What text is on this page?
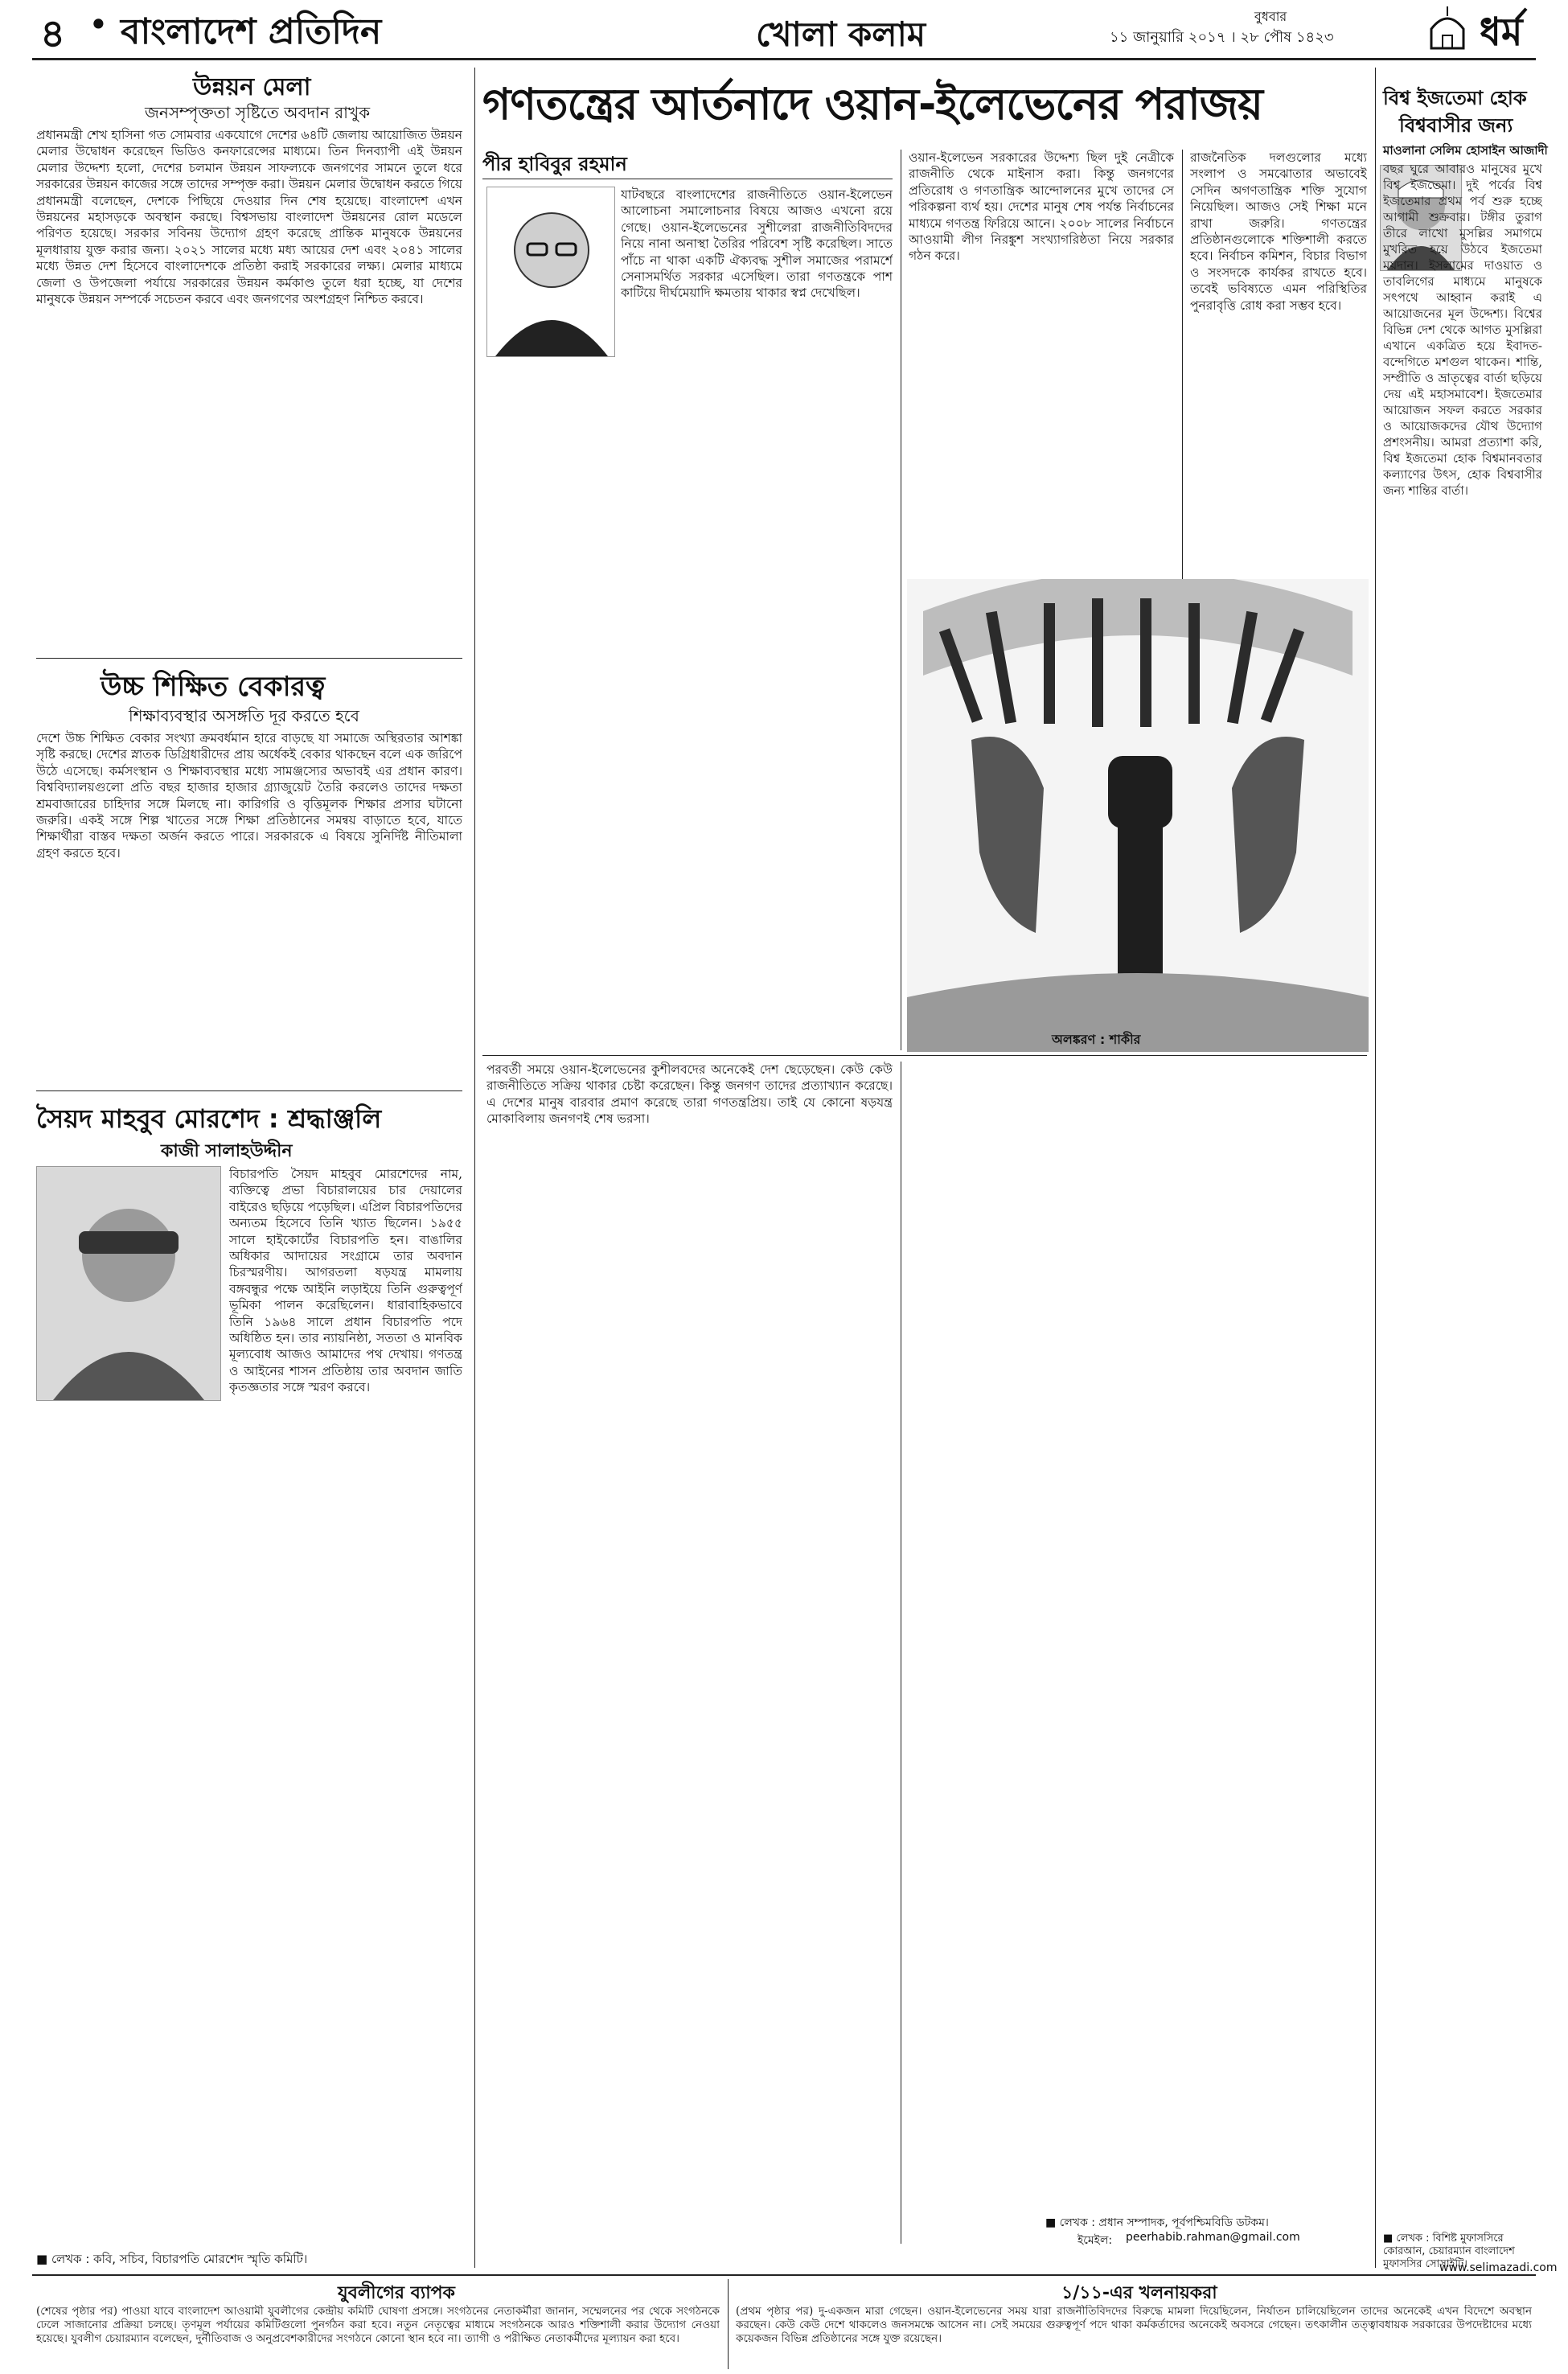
৪ • বাংলাদেশ প্রতিদিন	খোলা কলাম	বুধবার
১১ জানুয়ারি ২০১৭ । ২৮ পৌষ ১৪২৩	ধর্ম
উন্নয়ন মেলা
জনসম্পৃক্ততা সৃষ্টিতে অবদান রাখুক
প্রধানমন্ত্রী শেখ হাসিনা গত সোমবার একযোগে দেশের ৬৪টি জেলায় আয়োজিত উন্নয়ন মেলার উদ্বোধন করেছেন ভিডিও কনফারেন্সের মাধ্যমে। তিন দিনব্যাপী এই উন্নয়ন মেলার উদ্দেশ্য হলো, দেশের চলমান উন্নয়ন সাফল্যকে জনগণের সামনে তুলে ধরে সরকারের উন্নয়ন কাজের সঙ্গে তাদের সম্পৃক্ত করা। উন্নয়ন মেলার উদ্বোধন করতে গিয়ে প্রধানমন্ত্রী বলেছেন, দেশকে পিছিয়ে দেওয়ার দিন শেষ হয়েছে। বাংলাদেশ এখন উন্নয়নের মহাসড়কে অবস্থান করছে। বিশ্বসভায় বাংলাদেশ উন্নয়নের রোল মডেলে পরিণত হয়েছে। সরকার সবিনয় উদ্যোগ গ্রহণ করেছে প্রান্তিক মানুষকে উন্নয়নের মূলধারায় যুক্ত করার জন্য। ২০২১ সালের মধ্যে মধ্য আয়ের দেশ এবং ২০৪১ সালের মধ্যে উন্নত দেশ হিসেবে বাংলাদেশকে প্রতিষ্ঠা করাই সরকারের লক্ষ্য। মেলার মাধ্যমে জেলা ও উপজেলা পর্যায়ে সরকারের উন্নয়ন কর্মকাণ্ড তুলে ধরা হচ্ছে, যা দেশের মানুষকে উন্নয়ন সম্পর্কে সচেতন করবে এবং জনগণের অংশগ্রহণ নিশ্চিত করবে।
উচ্চ শিক্ষিত বেকারত্ব
শিক্ষাব্যবস্থার অসঙ্গতি দূর করতে হবে
দেশে উচ্চ শিক্ষিত বেকার সংখ্যা ক্রমবর্ধমান হারে বাড়ছে যা সমাজে অস্থিরতার আশঙ্কা সৃষ্টি করছে। দেশের স্নাতক ডিগ্রিধারীদের প্রায় অর্ধেকই বেকার থাকছেন বলে এক জরিপে উঠে এসেছে। কর্মসংস্থান ও শিক্ষাব্যবস্থার মধ্যে সামঞ্জস্যের অভাবই এর প্রধান কারণ। বিশ্ববিদ্যালয়গুলো প্রতি বছর হাজার হাজার গ্র্যাজুয়েট তৈরি করলেও তাদের দক্ষতা শ্রমবাজারের চাহিদার সঙ্গে মিলছে না। কারিগরি ও বৃত্তিমূলক শিক্ষার প্রসার ঘটানো জরুরি। একই সঙ্গে শিল্প খাতের সঙ্গে শিক্ষা প্রতিষ্ঠানের সমন্বয় বাড়াতে হবে, যাতে শিক্ষার্থীরা বাস্তব দক্ষতা অর্জন করতে পারে। সরকারকে এ বিষয়ে সুনির্দিষ্ট নীতিমালা গ্রহণ করতে হবে।
সৈয়দ মাহবুব মোরশেদ : শ্রদ্ধাঞ্জলি
কাজী সালাহউদ্দীন
বিচারপতি সৈয়দ মাহবুব মোরশেদের নাম, ব্যক্তিত্বে প্রভা বিচারালয়ের চার দেয়ালের বাইরেও ছড়িয়ে পড়েছিল। এপ্রিল বিচারপতিদের অন্যতম হিসেবে তিনি খ্যাত ছিলেন। ১৯৫৫ সালে হাইকোর্টের বিচারপতি হন। বাঙালির অধিকার আদায়ের সংগ্রামে তার অবদান চিরস্মরণীয়। আগরতলা ষড়যন্ত্র মামলায় বঙ্গবন্ধুর পক্ষে আইনি লড়াইয়ে তিনি গুরুত্বপূর্ণ ভূমিকা পালন করেছিলেন। ধারাবাহিকভাবে তিনি ১৯৬৪ সালে প্রধান বিচারপতি পদে অধিষ্ঠিত হন। তার ন্যায়নিষ্ঠা, সততা ও মানবিক মূল্যবোধ আজও আমাদের পথ দেখায়। গণতন্ত্র ও আইনের শাসন প্রতিষ্ঠায় তার অবদান জাতি কৃতজ্ঞতার সঙ্গে স্মরণ করবে।
■ লেখক : কবি, সচিব, বিচারপতি মোরশেদ স্মৃতি কমিটি।
গণতন্ত্রের আর্তনাদে ওয়ান-ইলেভেনের পরাজয়
পীর হাবিবুর রহমান
যাটবছরে বাংলাদেশের রাজনীতিতে ওয়ান-ইলেভেন আলোচনা সমালোচনার বিষয়ে আজও এখনো রয়ে গেছে। ওয়ান-ইলেভেনের সুশীলেরা রাজনীতিবিদদের নিয়ে নানা অনাস্থা তৈরির পরিবেশ সৃষ্টি করেছিল। সাতে পাঁচে না থাকা একটি ঐক্যবদ্ধ সুশীল সমাজের পরামর্শে সেনাসমর্থিত সরকার এসেছিল। তারা গণতন্ত্রকে পাশ কাটিয়ে দীর্ঘমেয়াদি ক্ষমতায় থাকার স্বপ্ন দেখেছিল।
ওয়ান-ইলেভেন সরকারের উদ্দেশ্য ছিল দুই নেত্রীকে রাজনীতি থেকে মাইনাস করা। কিন্তু জনগণের প্রতিরোধ ও গণতান্ত্রিক আন্দোলনের মুখে তাদের সে পরিকল্পনা ব্যর্থ হয়। দেশের মানুষ শেষ পর্যন্ত নির্বাচনের মাধ্যমে গণতন্ত্র ফিরিয়ে আনে। ২০০৮ সালের নির্বাচনে আওয়ামী লীগ নিরঙ্কুশ সংখ্যাগরিষ্ঠতা নিয়ে সরকার গঠন করে।
রাজনৈতিক দলগুলোর মধ্যে সংলাপ ও সমঝোতার অভাবেই সেদিন অগণতান্ত্রিক শক্তি সুযোগ নিয়েছিল। আজও সেই শিক্ষা মনে রাখা জরুরি। গণতন্ত্রের প্রতিষ্ঠানগুলোকে শক্তিশালী করতে হবে। নির্বাচন কমিশন, বিচার বিভাগ ও সংসদকে কার্যকর রাখতে হবে। তবেই ভবিষ্যতে এমন পরিস্থিতির পুনরাবৃত্তি রোধ করা সম্ভব হবে।
অলঙ্করণ : শাকীর
পরবর্তী সময়ে ওয়ান-ইলেভেনের কুশীলবদের অনেকেই দেশ ছেড়েছেন। কেউ কেউ রাজনীতিতে সক্রিয় থাকার চেষ্টা করেছেন। কিন্তু জনগণ তাদের প্রত্যাখ্যান করেছে। এ দেশের মানুষ বারবার প্রমাণ করেছে তারা গণতন্ত্রপ্রিয়। তাই যে কোনো ষড়যন্ত্র মোকাবিলায় জনগণই শেষ ভরসা।
■ লেখক : প্রধান সম্পাদক, পূর্বপশ্চিমবিডি ডটকম।
ইমেইল: peerhabib.rahman@gmail.com
বিশ্ব ইজতেমা হোক
বিশ্ববাসীর জন্য
মাওলানা সেলিম হোসাইন আজাদী
বছর ঘুরে আবারও মানুষের মুখে বিশ্ব ইজতেমা। দুই পর্বের বিশ্ব ইজতেমার প্রথম পর্ব শুরু হচ্ছে আগামী শুক্রবার। টঙ্গীর তুরাগ তীরে লাখো মুসল্লির সমাগমে মুখরিত হয়ে উঠবে ইজতেমা ময়দান। ইসলামের দাওয়াত ও তাবলিগের মাধ্যমে মানুষকে সৎপথে আহ্বান করাই এ আয়োজনের মূল উদ্দেশ্য। বিশ্বের বিভিন্ন দেশ থেকে আগত মুসল্লিরা এখানে একত্রিত হয়ে ইবাদত-বন্দেগিতে মশগুল থাকেন। শান্তি, সম্প্রীতি ও ভ্রাতৃত্বের বার্তা ছড়িয়ে দেয় এই মহাসমাবেশ। ইজতেমার আয়োজন সফল করতে সরকার ও আয়োজকদের যৌথ উদ্যোগ প্রশংসনীয়। আমরা প্রত্যাশা করি, বিশ্ব ইজতেমা হোক বিশ্বমানবতার কল্যাণের উৎস, হোক বিশ্ববাসীর জন্য শান্তির বার্তা।
■ লেখক : বিশিষ্ট মুফাসসিরে কোরআন, চেয়ারম্যান বাংলাদেশ মুফাসসির সোসাইটি।
www.selimazadi.com
যুবলীগের ব্যাপক
(শেষের পৃষ্ঠার পর) পাওয়া যাবে বাংলাদেশ আওয়ামী যুবলীগের কেন্দ্রীয় কমিটি ঘোষণা প্রসঙ্গে। সংগঠনের নেতাকর্মীরা জানান, সম্মেলনের পর থেকে সংগঠনকে ঢেলে সাজানোর প্রক্রিয়া চলছে। তৃণমূল পর্যায়ের কমিটিগুলো পুনর্গঠন করা হবে। নতুন নেতৃত্বের মাধ্যমে সংগঠনকে আরও শক্তিশালী করার উদ্যোগ নেওয়া হয়েছে। যুবলীগ চেয়ারম্যান বলেছেন, দুর্নীতিবাজ ও অনুপ্রবেশকারীদের সংগঠনে কোনো স্থান হবে না। ত্যাগী ও পরীক্ষিত নেতাকর্মীদের মূল্যায়ন করা হবে।
১/১১-এর খলনায়করা
(প্রথম পৃষ্ঠার পর) দু-একজন মারা গেছেন। ওয়ান-ইলেভেনের সময় যারা রাজনীতিবিদদের বিরুদ্ধে মামলা দিয়েছিলেন, নির্যাতন চালিয়েছিলেন তাদের অনেকেই এখন বিদেশে অবস্থান করছেন। কেউ কেউ দেশে থাকলেও জনসমক্ষে আসেন না। সেই সময়ের গুরুত্বপূর্ণ পদে থাকা কর্মকর্তাদের অনেকেই অবসরে গেছেন। তৎকালীন তত্ত্বাবধায়ক সরকারের উপদেষ্টাদের মধ্যে কয়েকজন বিভিন্ন প্রতিষ্ঠানের সঙ্গে যুক্ত রয়েছেন।
